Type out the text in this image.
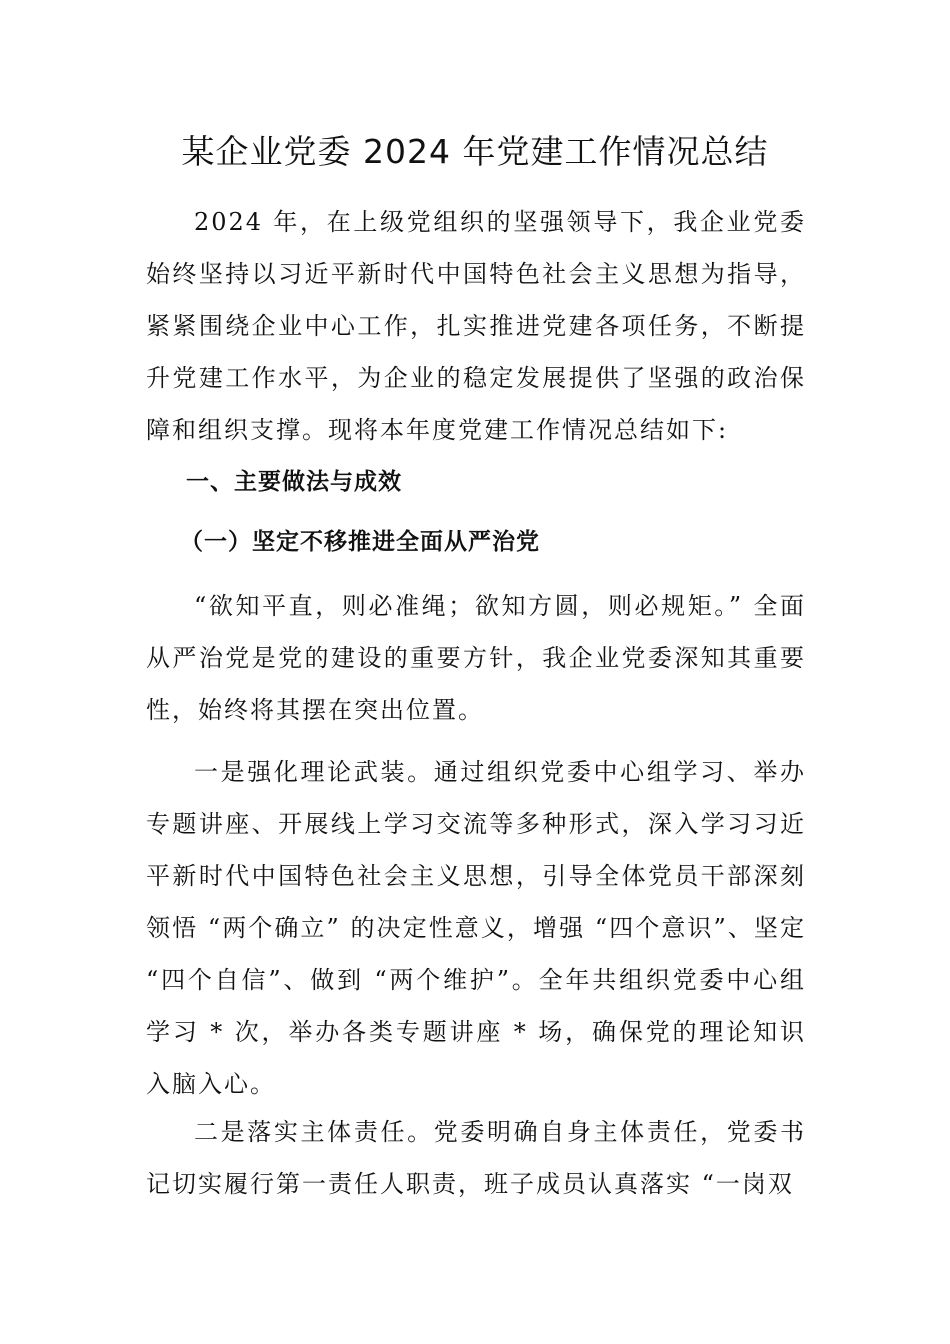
某企业党委 2024 年党建工作情况总结

2024 年，在上级党组织的坚强领导下，我企业党委始终坚持以习近平新时代中国特色社会主义思想为指导，紧紧围绕企业中心工作，扎实推进党建各项任务，不断提升党建工作水平，为企业的稳定发展提供了坚强的政治保障和组织支撑。现将本年度党建工作情况总结如下:

一、主要做法与成效
（一）坚定不移推进全面从严治党

“欲知平直，则必准绳；欲知方圆，则必规矩。” 全面从严治党是党的建设的重要方针，我企业党委深知其重要性，始终将其摆在突出位置。

一是强化理论武装。通过组织党委中心组学习、举办专题讲座、开展线上学习交流等多种形式，深入学习习近平新时代中国特色社会主义思想，引导全体党员干部深刻领悟 “两个确立” 的决定性意义，增强 “四个意识”、坚定 “四个自信”、做到 “两个维护”。全年共组织党委中心组学习 * 次，举办各类专题讲座 * 场，确保党的理论知识入脑入心。

二是落实主体责任。党委明确自身主体责任，党委书记切实履行第一责任人职责，班子成员认真落实 “一岗双
